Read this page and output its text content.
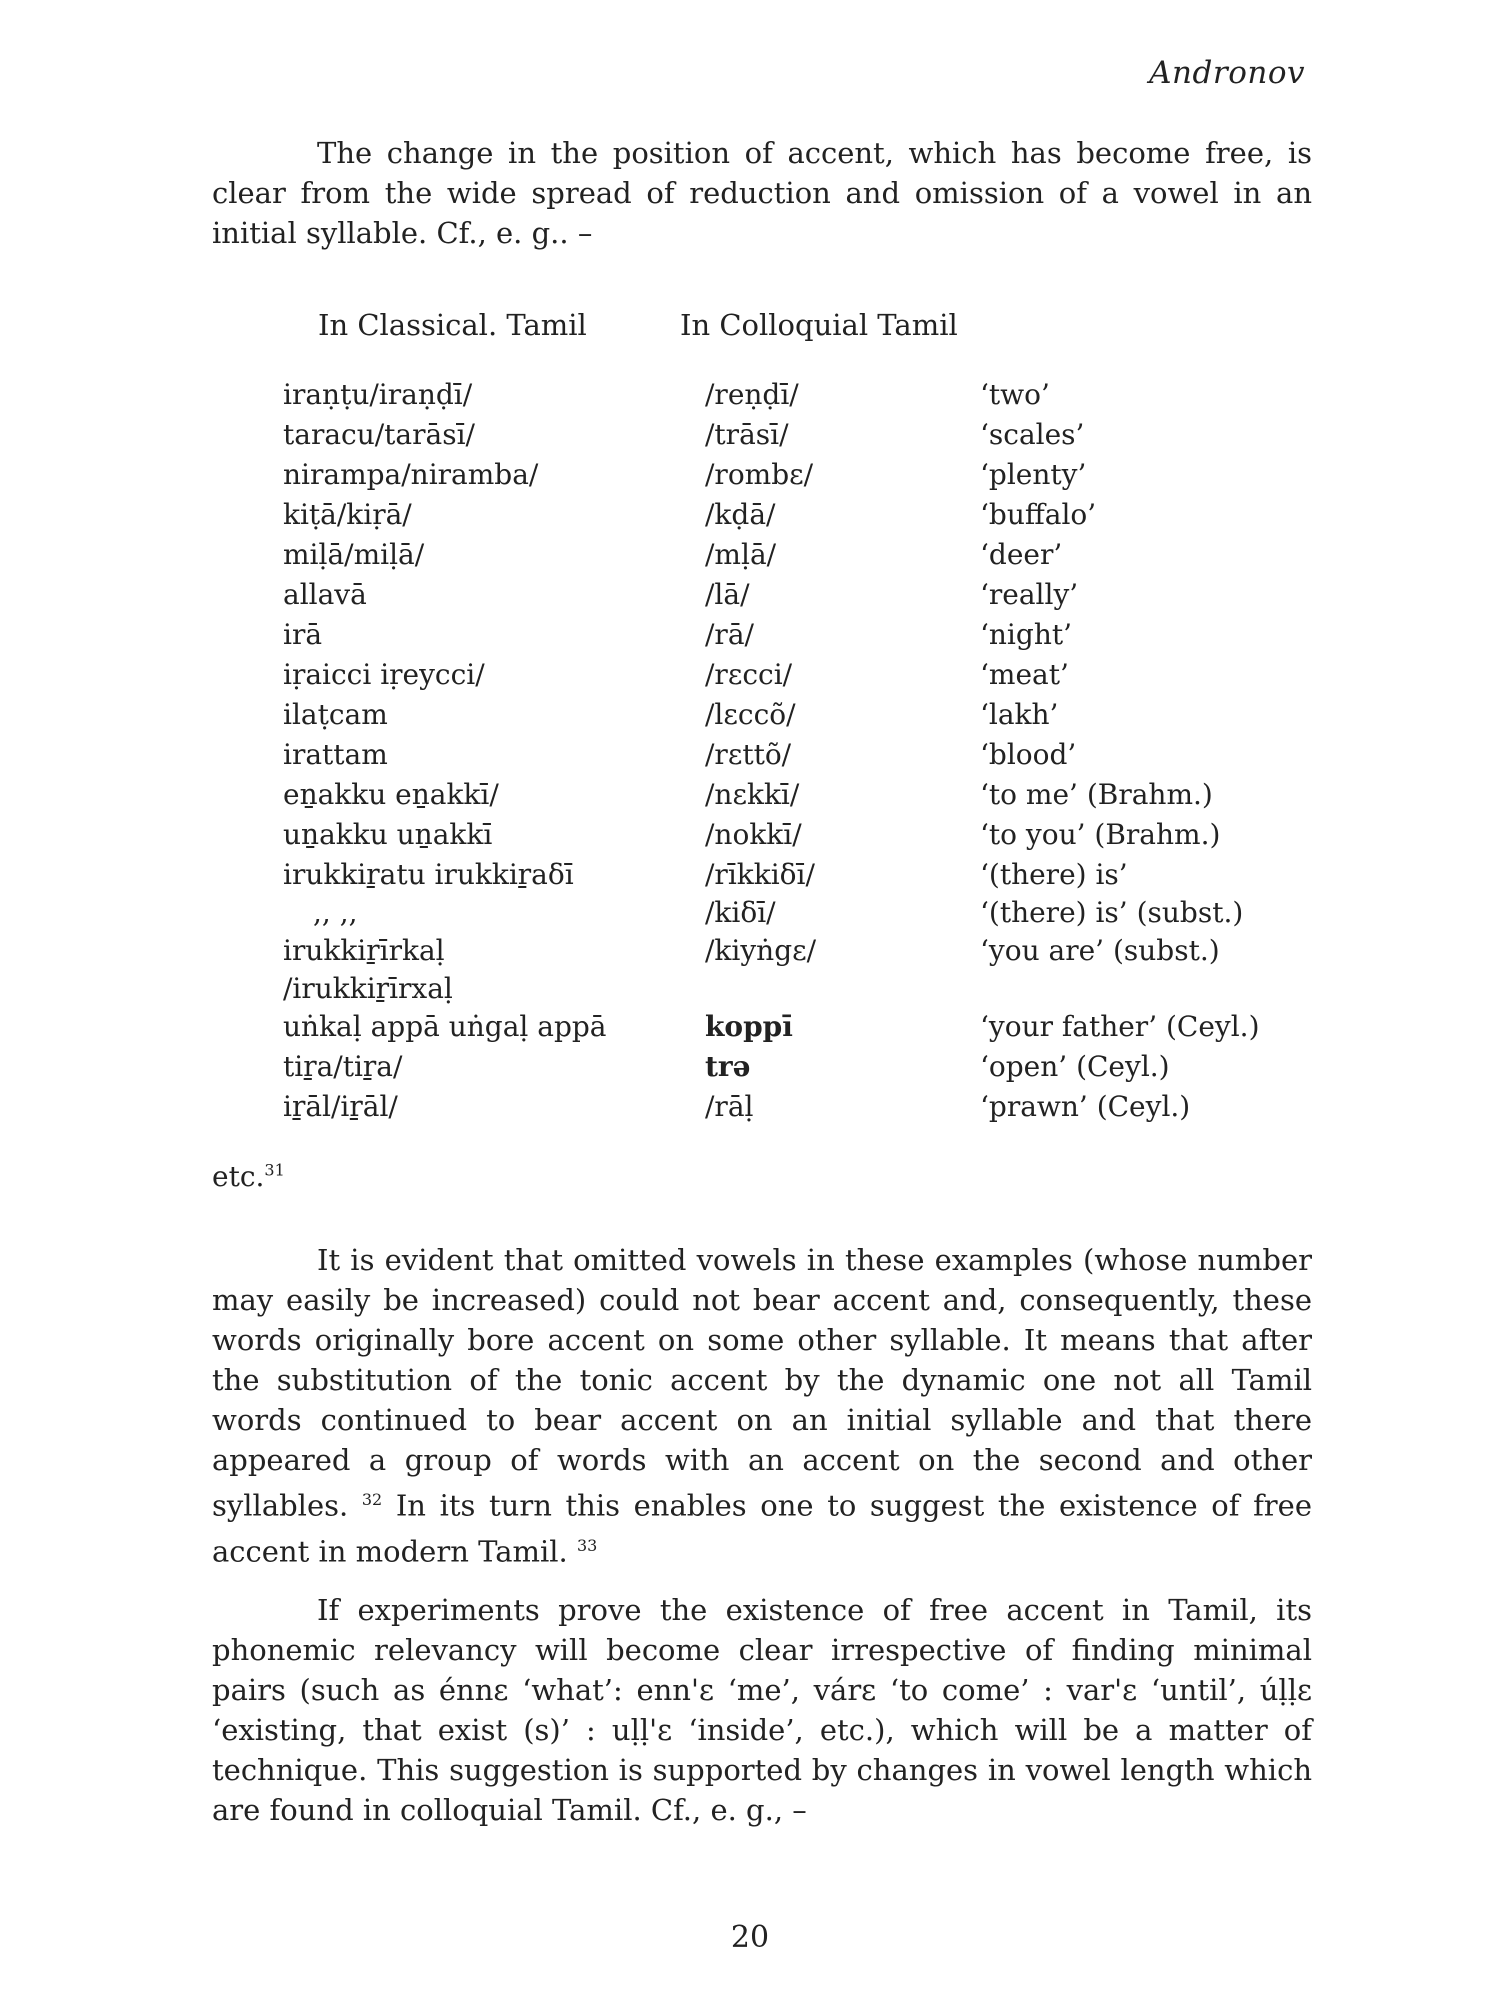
Andronov
The change in the position of accent, which has become free, is clear from the wide spread of reduction and omission of a vowel in an initial syllable. Cf., e. g.. –
In Classical. Tamil	In Colloquial Tamil
iraṇṭu/iraṇḍī/	/reṇḍī/	‘two’
taracu/tarāsī/	/trāsī/	‘scales’
nirampa/niramba/	/rombɛ/	‘plenty’
kiṭā/kiṛā/	/kḍā/	‘buffalo’
miḷā/miḷā/	/mḷā/	‘deer’
allavā	/lā/	‘really’
irā	/rā/	‘night’
iṛaicci iṛeycci/	/rɛcci/	‘meat’
ilaṭcam	/lɛccõ/	‘lakh’
irattam	/rɛttõ/	‘blood’
eṉakku eṉakkī/	/nɛkkī/	‘to me’ (Brahm.)
uṉakku uṉakkī	/nokkī/	‘to you’ (Brahm.)
irukkiṟatu irukkiṟaδī	/rīkkiδī/	‘(there) is’
,, ,,	/kiδī/	‘(there) is’ (subst.)
irukkiṟīrkaḷ	/kiyṅgɛ/	‘you are’ (subst.)
/irukkiṟīrxaḷ
uṅkaḷ appā uṅgaḷ appā	koppī	‘your father’ (Ceyl.)
tiṟa/tiṟa/	trə	‘open’ (Ceyl.)
iṟāl/iṟāl/	/rāḷ	‘prawn’ (Ceyl.)
etc.$^{31}$
It is evident that omitted vowels in these examples (whose number may easily be increased) could not bear accent and, consequently, these words originally bore accent on some other syllable. It means that after the substitution of the tonic accent by the dynamic one not all Tamil words continued to bear accent on an initial syllable and that there appeared a group of words with an accent on the second and other syllables. $^{32}$ In its turn this enables one to suggest the existence of free accent in modern Tamil. $^{33}$
If experiments prove the existence of free accent in Tamil, its phonemic relevancy will become clear irrespective of finding minimal pairs (such as énnɛ ‘what’: enn'ɛ ‘me’, várɛ ‘to come’ : var'ɛ ‘until’, úḷḷɛ ‘existing, that exist (s)’ : uḷḷ'ɛ ‘inside’, etc.), which will be a matter of technique. This suggestion is supported by changes in vowel length which are found in colloquial Tamil. Cf., e. g., –
20
